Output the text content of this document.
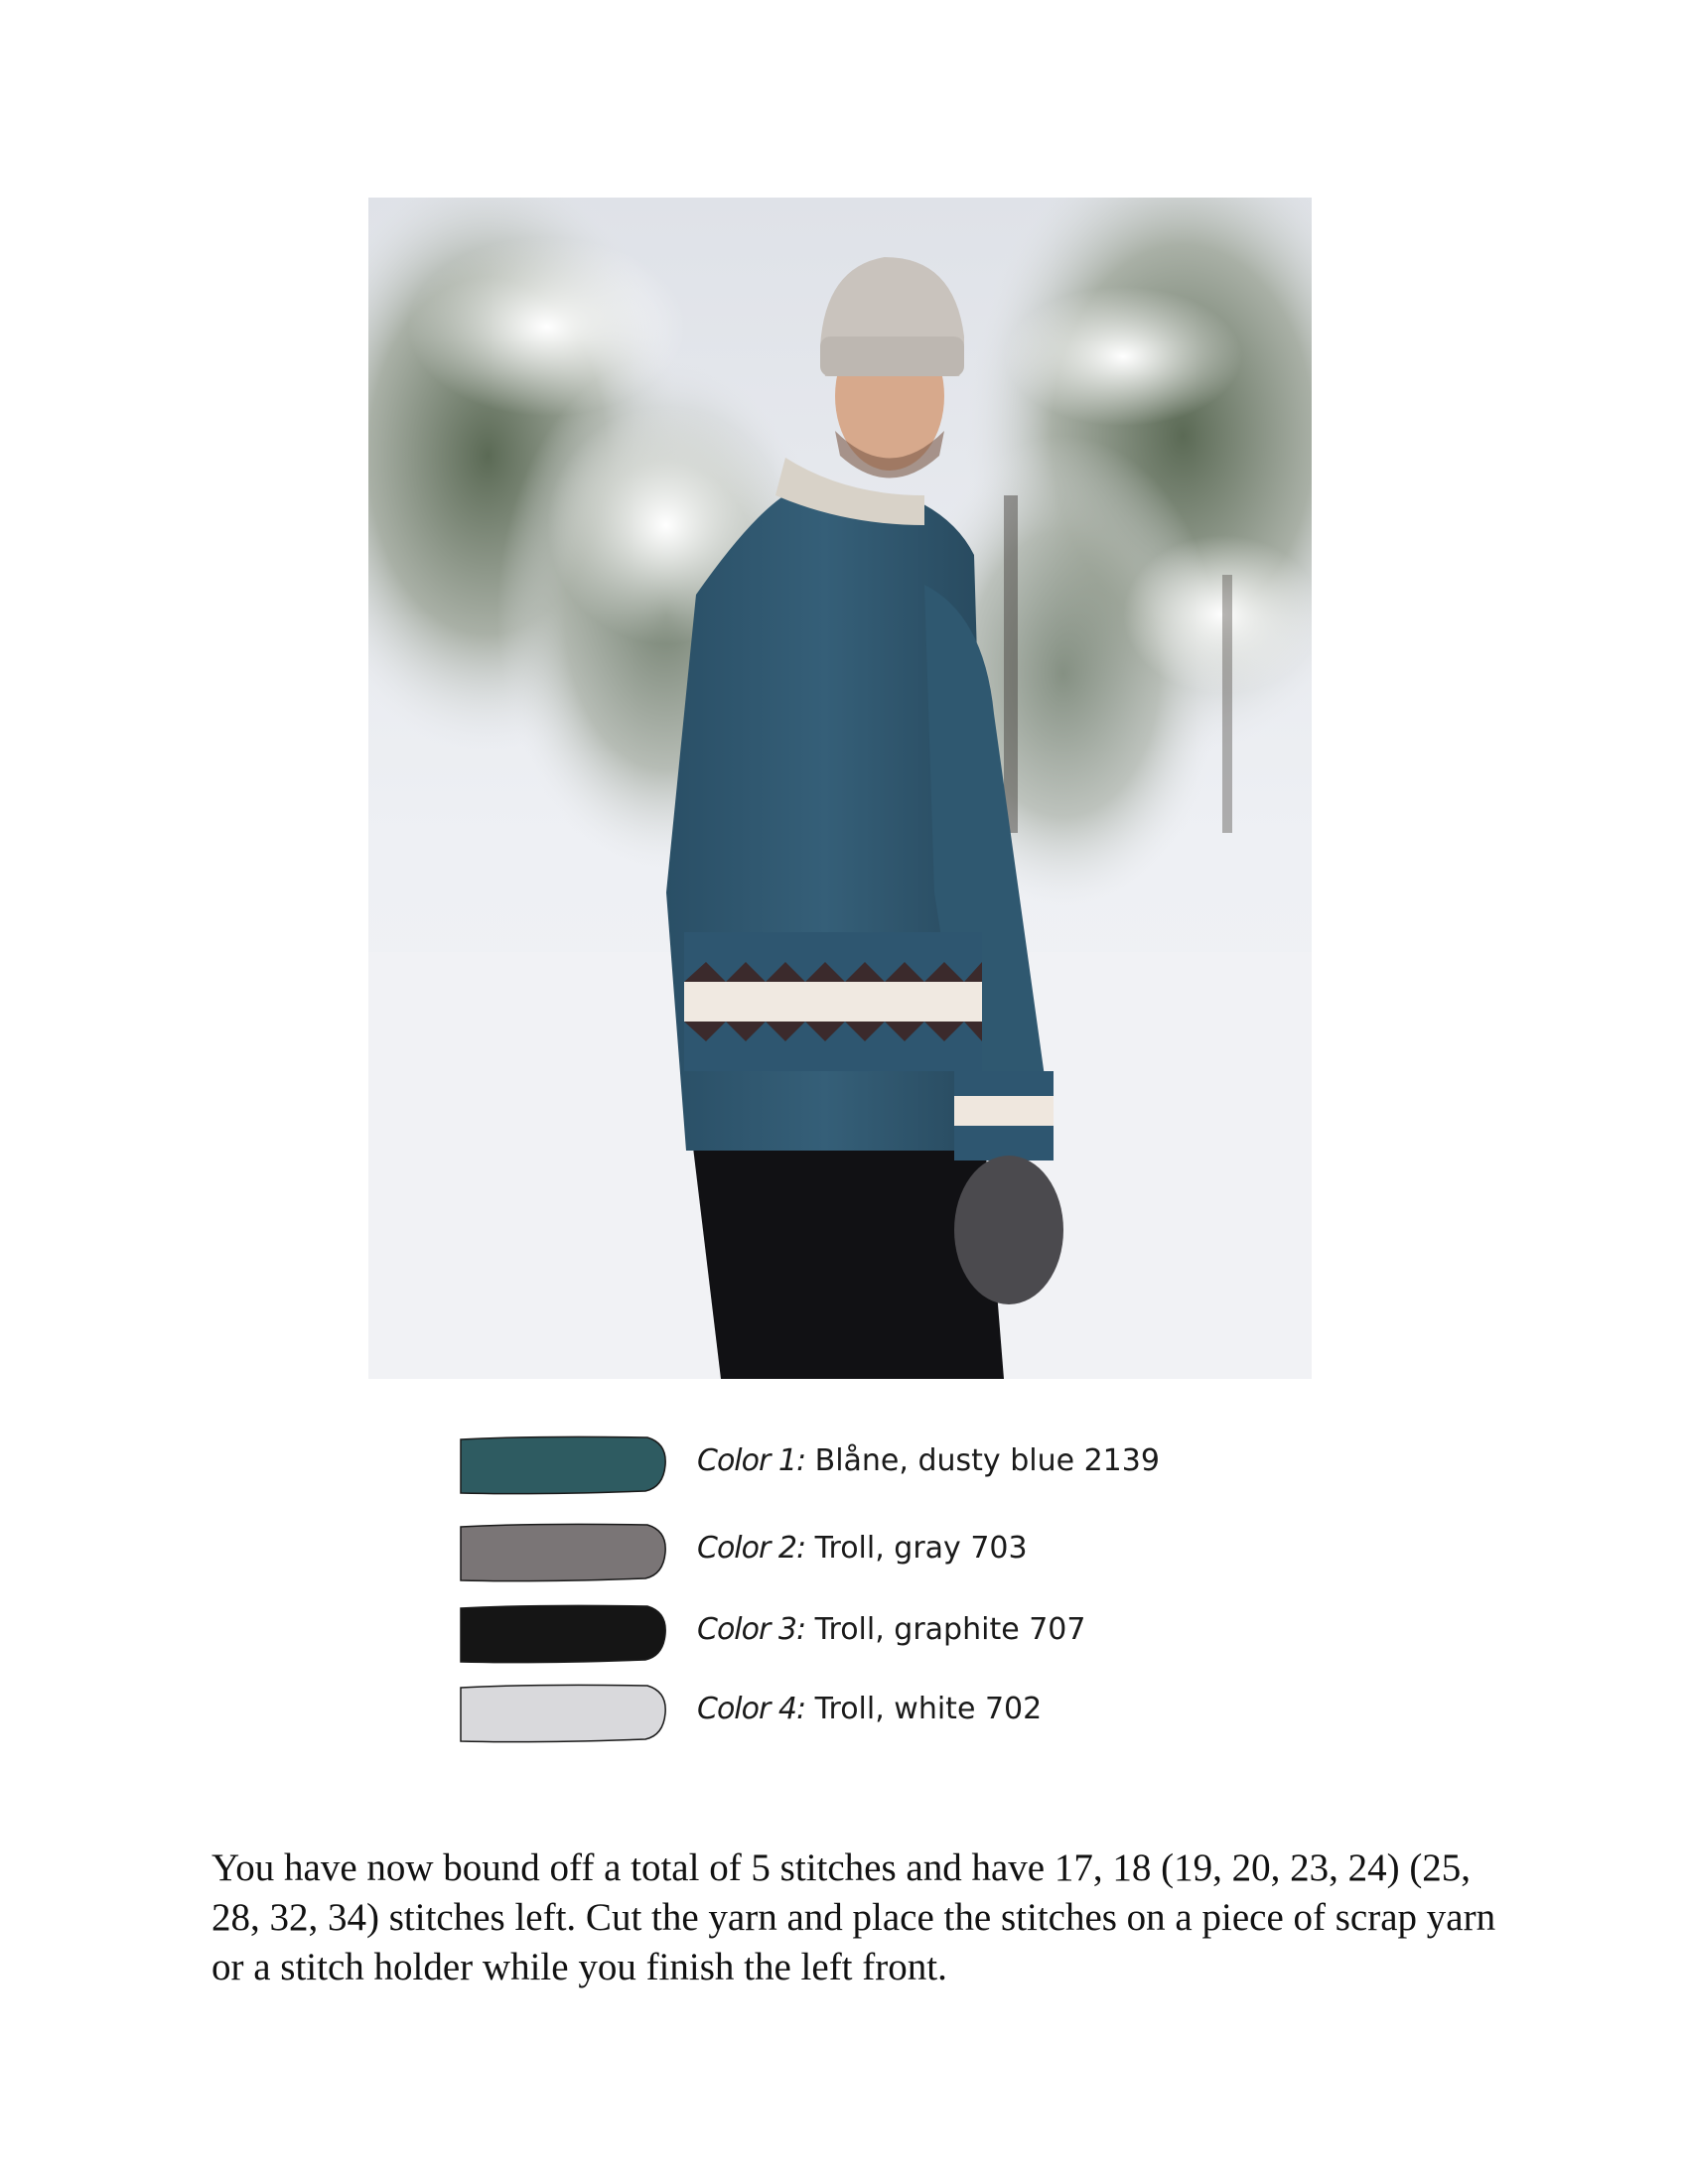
Color 1: Blåne, dusty blue 2139
Color 2: Troll, gray 703
Color 3: Troll, graphite 707
Color 4: Troll, white 702

You have now bound off a total of 5 stitches and have 17, 18 (19, 20, 23, 24) (25, 28, 32, 34) stitches left. Cut the yarn and place the stitches on a piece of scrap yarn or a stitch holder while you finish the left front.
